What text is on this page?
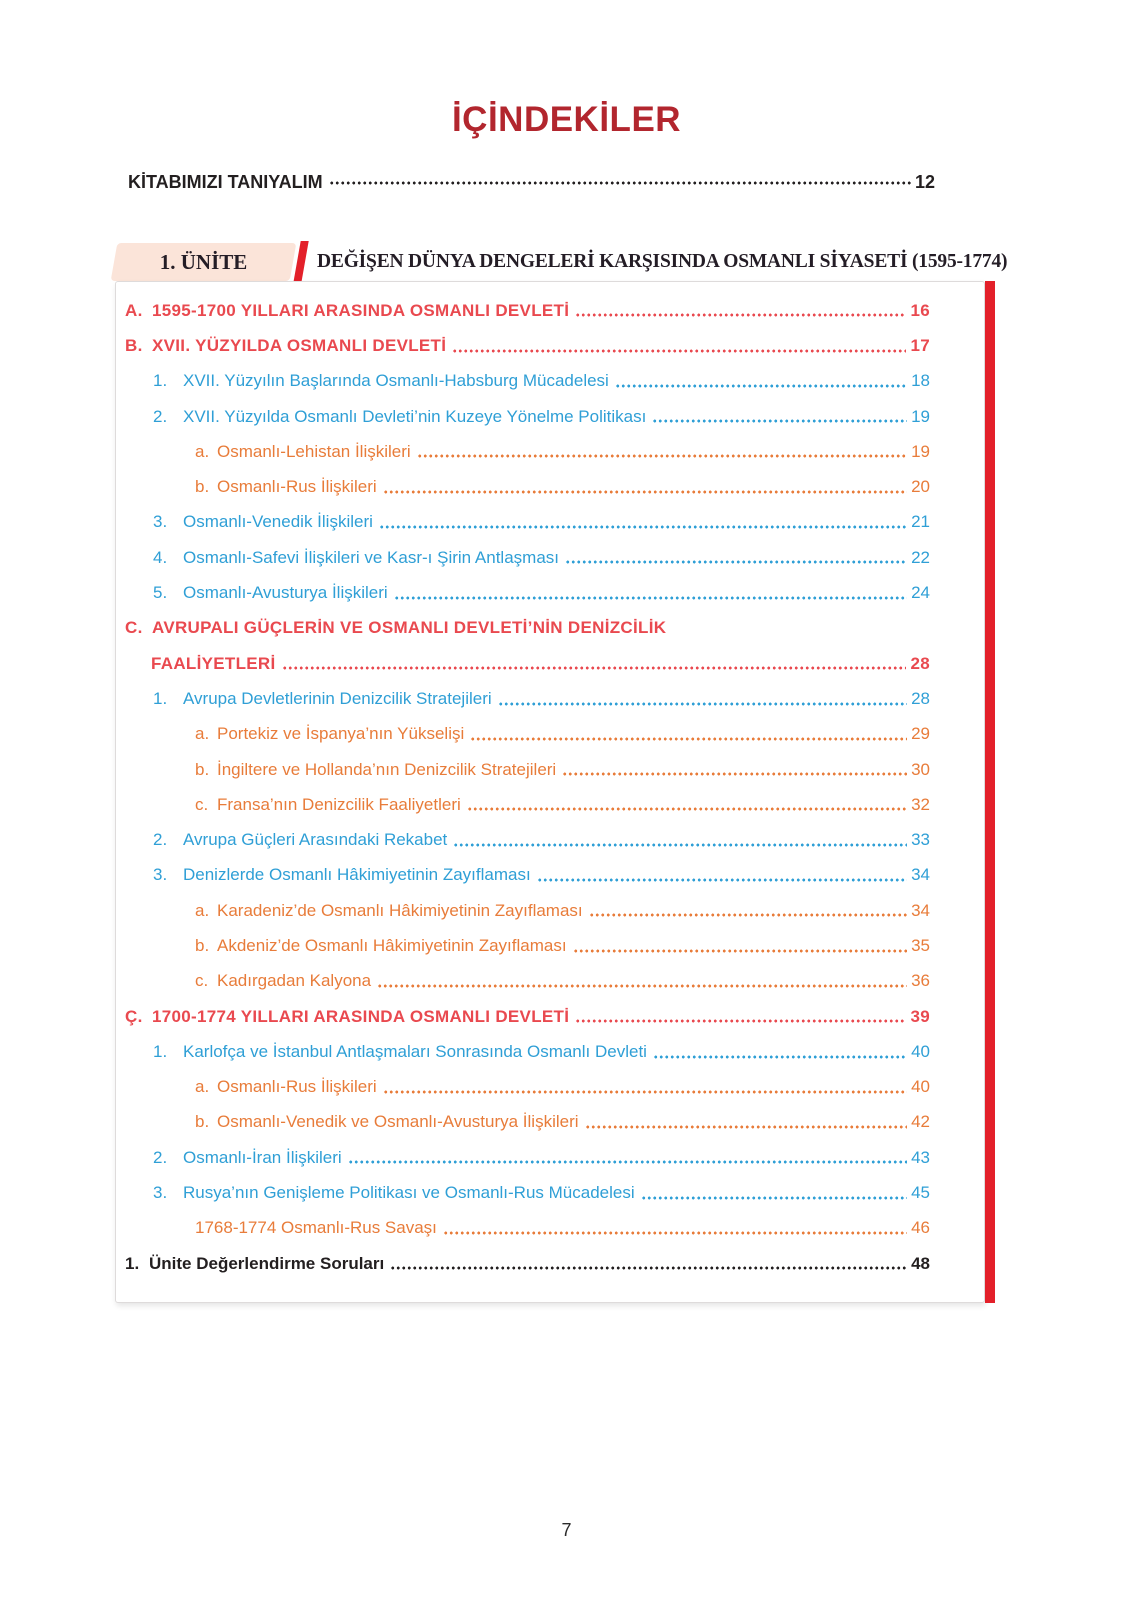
İÇİNDEKİLER
KİTABIMIZI TANIYALIM	12
1. ÜNİTE	DEĞİŞEN DÜNYA DENGELERİ KARŞISINDA OSMANLI SİYASETİ (1595-1774)
A. 1595-1700 YILLARI ARASINDA OSMANLI DEVLETİ	16
B. XVII. YÜZYILDA OSMANLI DEVLETİ	17
1. XVII. Yüzyılın Başlarında Osmanlı-Habsburg Mücadelesi	18
2. XVII. Yüzyılda Osmanlı Devleti’nin Kuzeye Yönelme Politikası	19
a. Osmanlı-Lehistan İlişkileri	19
b. Osmanlı-Rus İlişkileri	20
3. Osmanlı-Venedik İlişkileri	21
4. Osmanlı-Safevi İlişkileri ve Kasr-ı Şirin Antlaşması	22
5. Osmanlı-Avusturya İlişkileri	24
C. AVRUPALI GÜÇLERİN VE OSMANLI DEVLETİ’NİN DENİZCİLİK
FAALİYETLERİ	28
1. Avrupa Devletlerinin Denizcilik Stratejileri	28
a. Portekiz ve İspanya’nın Yükselişi	29
b. İngiltere ve Hollanda’nın Denizcilik Stratejileri	30
c. Fransa’nın Denizcilik Faaliyetleri	32
2. Avrupa Güçleri Arasındaki Rekabet	33
3. Denizlerde Osmanlı Hâkimiyetinin Zayıflaması	34
a. Karadeniz’de Osmanlı Hâkimiyetinin Zayıflaması	34
b. Akdeniz’de Osmanlı Hâkimiyetinin Zayıflaması	35
c. Kadırgadan Kalyona	36
Ç. 1700-1774 YILLARI ARASINDA OSMANLI DEVLETİ	39
1. Karlofça ve İstanbul Antlaşmaları Sonrasında Osmanlı Devleti	40
a. Osmanlı-Rus İlişkileri	40
b. Osmanlı-Venedik ve Osmanlı-Avusturya İlişkileri	42
2. Osmanlı-İran İlişkileri	43
3. Rusya’nın Genişleme Politikası ve Osmanlı-Rus Mücadelesi	45
1768-1774 Osmanlı-Rus Savaşı	46
1. Ünite Değerlendirme Soruları	48
7
